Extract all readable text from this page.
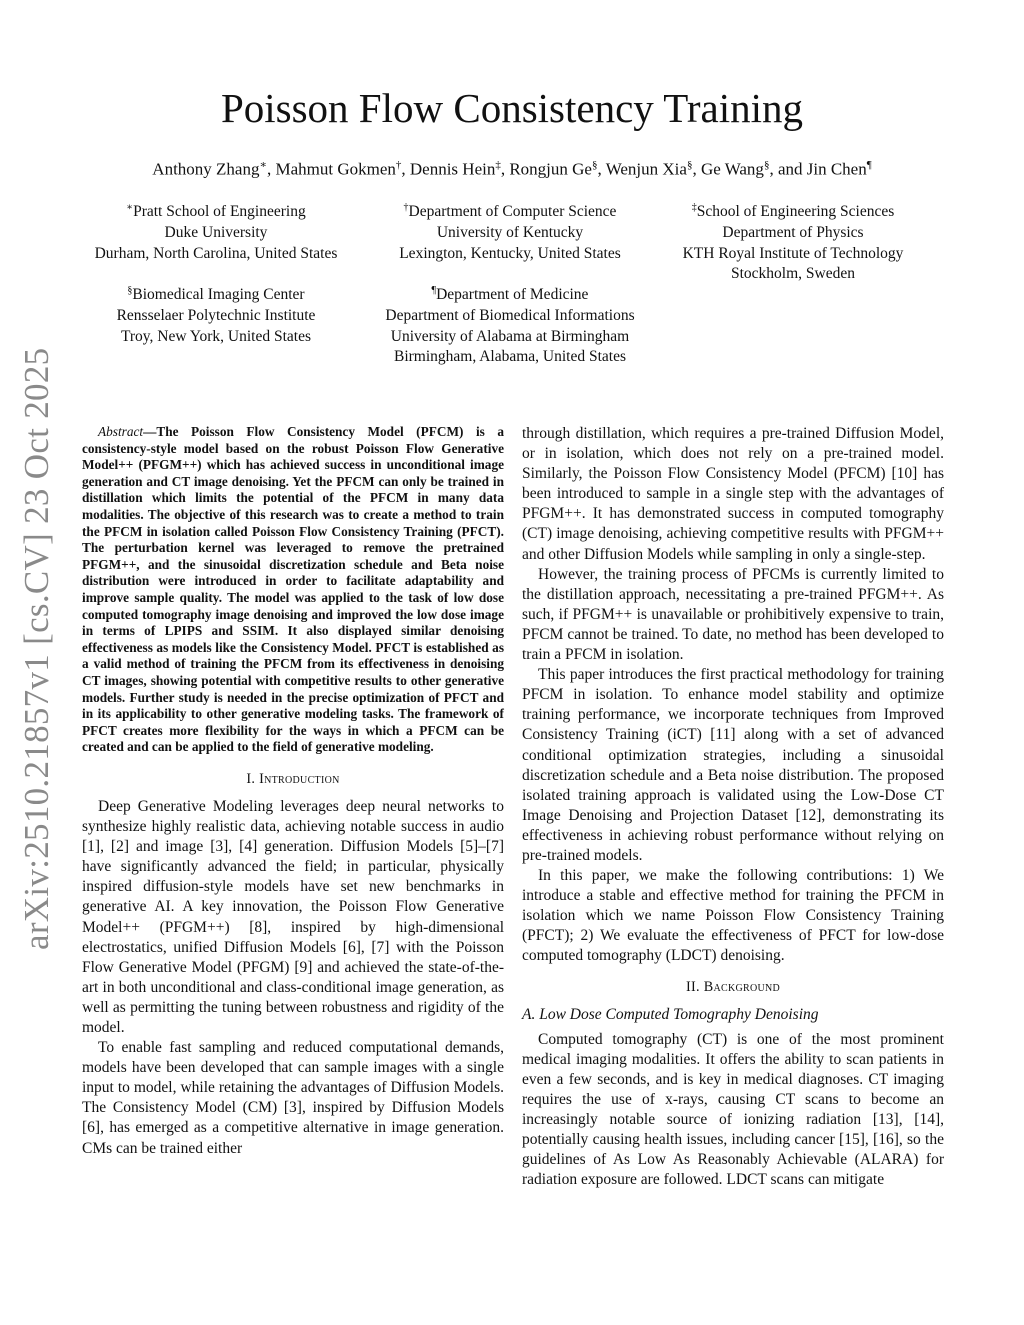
arXiv:2510.21857v1 [cs.CV] 23 Oct 2025
Poisson Flow Consistency Training
Anthony Zhang∗, Mahmut Gokmen†, Dennis Hein‡, Rongjun Ge§, Wenjun Xia§, Ge Wang§, and Jin Chen¶
∗Pratt School of Engineering
Duke University
Durham, North Carolina, United States
†Department of Computer Science
University of Kentucky
Lexington, Kentucky, United States
‡School of Engineering Sciences
Department of Physics
KTH Royal Institute of Technology
Stockholm, Sweden
§Biomedical Imaging Center
Rensselaer Polytechnic Institute
Troy, New York, United States
¶Department of Medicine
Department of Biomedical Informations
University of Alabama at Birmingham
Birmingham, Alabama, United States

Abstract—The Poisson Flow Consistency Model (PFCM) is a consistency-style model based on the robust Poisson Flow Generative Model++ (PFGM++) which has achieved success in unconditional image generation and CT image denoising. Yet the PFCM can only be trained in distillation which limits the potential of the PFCM in many data modalities. The objective of this research was to create a method to train the PFCM in isolation called Poisson Flow Consistency Training (PFCT). The perturbation kernel was leveraged to remove the pretrained PFGM++, and the sinusoidal discretization schedule and Beta noise distribution were introduced in order to facilitate adaptability and improve sample quality. The model was applied to the task of low dose computed tomography image denoising and improved the low dose image in terms of LPIPS and SSIM. It also displayed similar denoising effectiveness as models like the Consistency Model. PFCT is established as a valid method of training the PFCM from its effectiveness in denoising CT images, showing potential with competitive results to other generative models. Further study is needed in the precise optimization of PFCT and in its applicability to other generative modeling tasks. The framework of PFCT creates more flexibility for the ways in which a PFCM can be created and can be applied to the field of generative modeling.

I. Introduction

Deep Generative Modeling leverages deep neural networks to synthesize highly realistic data, achieving notable success in audio [1], [2] and image [3], [4] generation. Diffusion Models [5]–[7] have significantly advanced the field; in particular, physically inspired diffusion-style models have set new benchmarks in generative AI. A key innovation, the Poisson Flow Generative Model++ (PFGM++) [8], inspired by high-dimensional electrostatics, unified Diffusion Models [6], [7] with the Poisson Flow Generative Model (PFGM) [9] and achieved the state-of-the-art in both unconditional and class-conditional image generation, as well as permitting the tuning between robustness and rigidity of the model.

To enable fast sampling and reduced computational demands, models have been developed that can sample images with a single input to model, while retaining the advantages of Diffusion Models. The Consistency Model (CM) [3], inspired by Diffusion Models [6], has emerged as a competitive alternative in image generation. CMs can be trained either

through distillation, which requires a pre-trained Diffusion Model, or in isolation, which does not rely on a pre-trained model. Similarly, the Poisson Flow Consistency Model (PFCM) [10] has been introduced to sample in a single step with the advantages of PFGM++. It has demonstrated success in computed tomography (CT) image denoising, achieving competitive results with PFGM++ and other Diffusion Models while sampling in only a single-step.

However, the training process of PFCMs is currently limited to the distillation approach, necessitating a pre-trained PFGM++. As such, if PFGM++ is unavailable or prohibitively expensive to train, PFCM cannot be trained. To date, no method has been developed to train a PFCM in isolation.

This paper introduces the first practical methodology for training PFCM in isolation. To enhance model stability and optimize training performance, we incorporate techniques from Improved Consistency Training (iCT) [11] along with a set of advanced conditional optimization strategies, including a sinusoidal discretization schedule and a Beta noise distribution. The proposed isolated training approach is validated using the Low-Dose CT Image Denoising and Projection Dataset [12], demonstrating its effectiveness in achieving robust performance without relying on pre-trained models.

In this paper, we make the following contributions: 1) We introduce a stable and effective method for training the PFCM in isolation which we name Poisson Flow Consistency Training (PFCT); 2) We evaluate the effectiveness of PFCT for low-dose computed tomography (LDCT) denoising.

II. Background
A. Low Dose Computed Tomography Denoising

Computed tomography (CT) is one of the most prominent medical imaging modalities. It offers the ability to scan patients in even a few seconds, and is key in medical diagnoses. CT imaging requires the use of x-rays, causing CT scans to become an increasingly notable source of ionizing radiation [13], [14], potentially causing health issues, including cancer [15], [16], so the guidelines of As Low As Reasonably Achievable (ALARA) for radiation exposure are followed. LDCT scans can mitigate
